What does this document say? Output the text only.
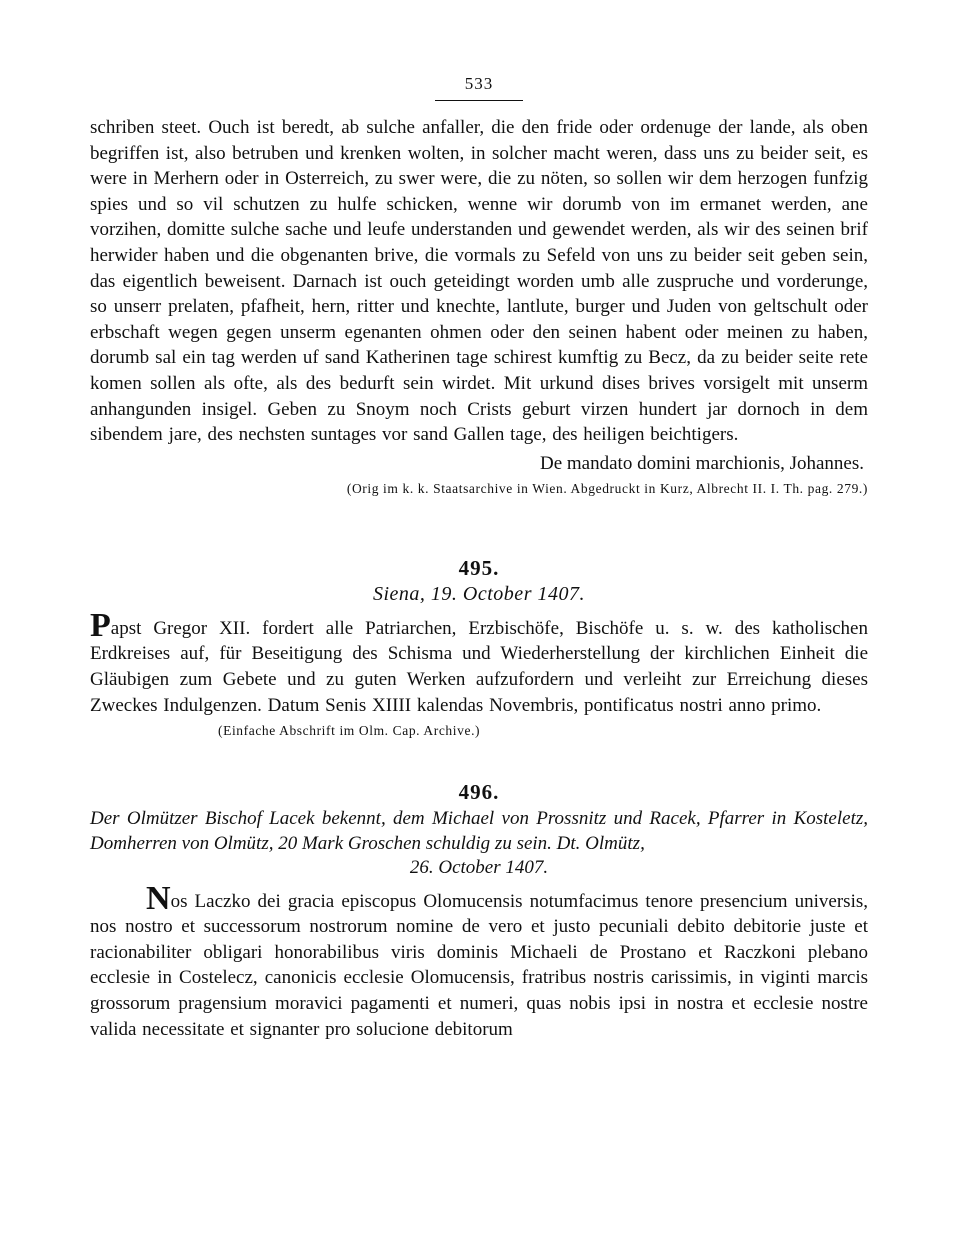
533

schriben steet. Ouch ist beredt, ab sulche anfaller, die den fride oder ordenuge der lande, als oben begriffen ist, also betruben und krenken wolten, in solcher macht weren, dass uns zu beider seit, es were in Merhern oder in Osterreich, zu swer were, die zu nöten, so sollen wir dem herzogen funfzig spies und so vil schutzen zu hulfe schicken, wenne wir dorumb von im ermanet werden, ane vorzihen, domitte sulche sache und leufe understanden und gewendet werden, als wir des seinen brif herwider haben und die obgenanten brive, die vormals zu Sefeld von uns zu beider seit geben sein, das eigentlich beweisent. Darnach ist ouch geteidingt worden umb alle zuspruche und vorderunge, so unserr prelaten, pfafheit, hern, ritter und knechte, lantlute, burger und Juden von geltschult oder erbschaft wegen gegen unserm egenanten ohmen oder den seinen habent oder meinen zu haben, dorumb sal ein tag werden uf sand Katherinen tage schirest kumftig zu Becz, da zu beider seite rete komen sollen als ofte, als des bedurft sein wirdet. Mit urkund dises brives vorsigelt mit unserm anhangunden insigel. Geben zu Snoym noch Crists geburt virzen hundert jar dornoch in dem sibendem jare, des nechsten suntages vor sand Gallen tage, des heiligen beichtigers.

De mandato domini marchionis, Johannes.

(Orig im k. k. Staatsarchive in Wien. Abgedruckt in Kurz, Albrecht II. I. Th. pag. 279.)

495.

Siena, 19. October 1407.

Papst Gregor XII. fordert alle Patriarchen, Erzbischöfe, Bischöfe u. s. w. des katholischen Erdkreises auf, für Beseitigung des Schisma und Wiederherstellung der kirchlichen Einheit die Gläubigen zum Gebete und zu guten Werken aufzufordern und verleiht zur Erreichung dieses Zweckes Indulgenzen. Datum Senis XIIII kalendas Novembris, pontificatus nostri anno primo.

(Einfache Abschrift im Olm. Cap. Archive.)

496.

Der Olmützer Bischof Lacek bekennt, dem Michael von Prossnitz und Racek, Pfarrer in Kosteletz, Domherren von Olmütz, 20 Mark Groschen schuldig zu sein. Dt. Olmütz,
26. October 1407.

Nos Laczko dei gracia episcopus Olomucensis notumfacimus tenore presencium universis, nos nostro et successorum nostrorum nomine de vero et justo pecuniali debito debitorie juste et racionabiliter obligari honorabilibus viris dominis Michaeli de Prostano et Raczkoni plebano ecclesie in Costelecz, canonicis ecclesie Olomucensis, fratribus nostris carissimis, in viginti marcis grossorum pragensium moravici pagamenti et numeri, quas nobis ipsi in nostra et ecclesie nostre valida necessitate et signanter pro solucione debitorum
